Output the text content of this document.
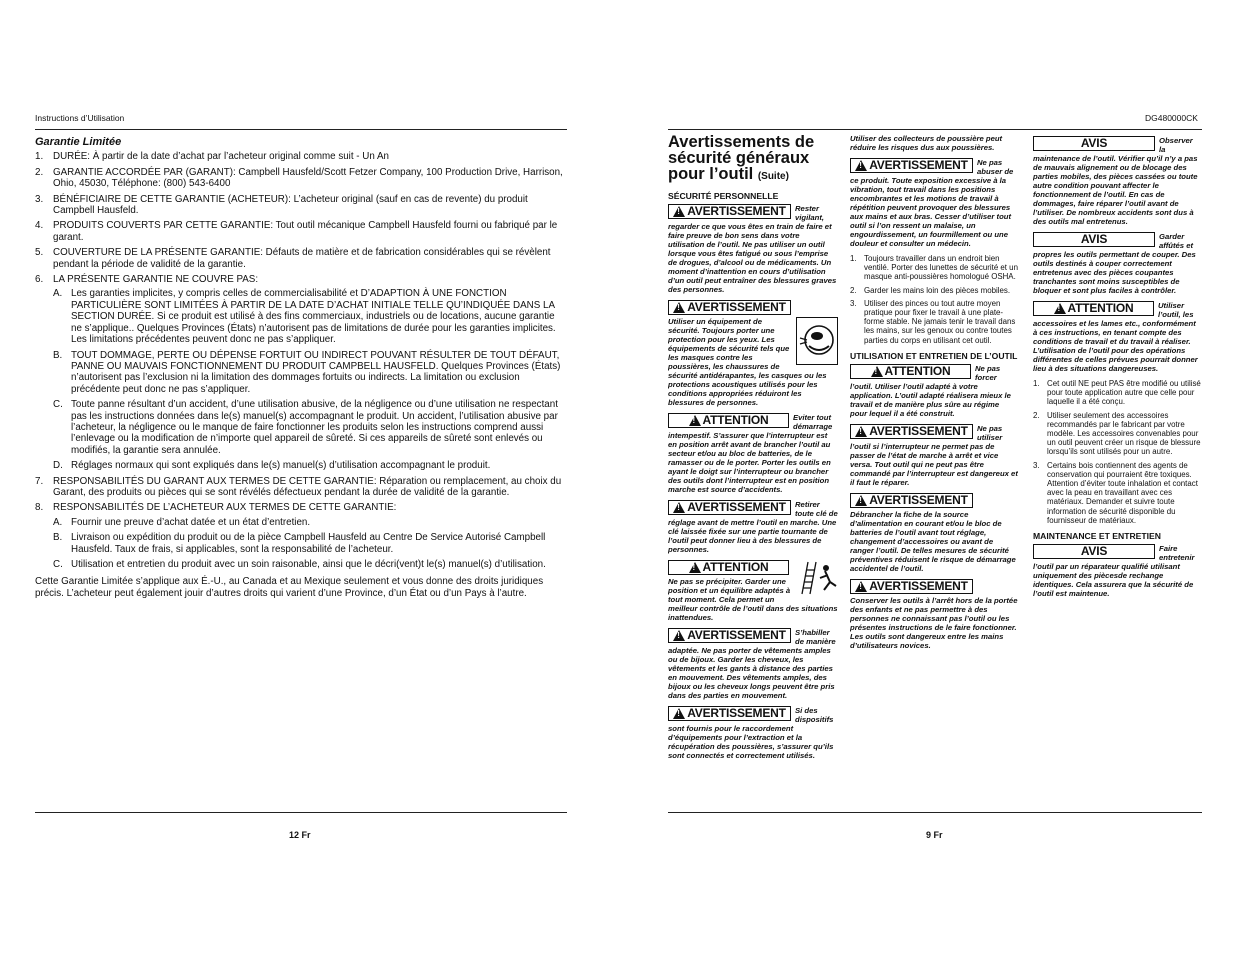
Instructions d’Utilisation	DG480000CK
Garantie Limitée
1. DURÉE: À partir de la date d’achat par l’acheteur original comme suit - Un An
2. GARANTIE ACCORDÉE PAR (GARANT): Campbell Hausfeld/Scott Fetzer Company, 100 Production Drive, Harrison, Ohio, 45030, Téléphone: (800) 543-6400
3. BÉNÉFICIAIRE DE CETTE GARANTIE (ACHETEUR): L’acheteur original (sauf en cas de revente) du produit Campbell Hausfeld.
4. PRODUITS COUVERTS PAR CETTE GARANTIE: Tout outil mécanique Campbell Hausfeld fourni ou fabriqué par le garant.
5. COUVERTURE DE LA PRÉSENTE GARANTIE: Défauts de matière et de fabrication considérables qui se révèlent pendant la période de validité de la garantie.
6. LA PRÉSENTE GARANTIE NE COUVRE PAS:
A. Les garanties implicites, y compris celles de commercialisabilité et D’ADAPTION À UNE FONCTION PARTICULIÈRE SONT LIMITÉES À PARTIR DE LA DATE D’ACHAT INITIALE TELLE QU’INDIQUÉE DANS LA SECTION DURÉE. Si ce produit est utilisé à des fins commerciaux, industriels ou de locations, aucune garantie ne s’applique.. Quelques Provinces (États) n’autorisent pas de limitations de durée pour les garanties implicites. Les limitations précédentes peuvent donc ne pas s’appliquer.
B. TOUT DOMMAGE, PERTE OU DÉPENSE FORTUIT OU INDIRECT POUVANT RÉSULTER DE TOUT DÉFAUT, PANNE OU MAUVAIS FONCTIONNEMENT DU PRODUIT CAMPBELL HAUSFELD. Quelques Provinces (États) n’autorisent pas l’exclusion ni la limitation des dommages fortuits ou indirects. La limitation ou exclusion précédente peut donc ne pas s’appliquer.
C. Toute panne résultant d’un accident, d’une utilisation abusive, de la négligence ou d’une utilisation ne respectant pas les instructions données dans le(s) manuel(s) accompagnant le produit. Un accident, l’utilisation abusive par l’acheteur, la négligence ou le manque de faire fonctionner les produits selon les instructions comprend aussi l’enlevage ou la modification de n’importe quel appareil de sûreté. Si ces appareils de sûreté sont enlevés ou modifiés, la garantie sera annulée.
D. Réglages normaux qui sont expliqués dans le(s) manuel(s) d’utilisation accompagnant le produit.
7. RESPONSABILITÉS DU GARANT AUX TERMES DE CETTE GARANTIE: Réparation ou remplacement, au choix du Garant, des produits ou pièces qui se sont révélés défectueux pendant la durée de validité de la garantie.
8. RESPONSABILITÉS DE L’ACHETEUR AUX TERMES DE CETTE GARANTIE:
A. Fournir une preuve d’achat datée et un état d’entretien.
B. Livraison ou expédition du produit ou de la pièce Campbell Hausfeld au Centre De Service Autorisé Campbell Hausfeld. Taux de frais, si applicables, sont la responsabilité de l’acheteur.
C. Utilisation et entretien du produit avec un soin raisonable, ainsi que le décri(vent)t le(s) manuel(s) d’utilisation.
Cette Garantie Limitée s’applique aux É.-U., au Canada et au Mexique seulement et vous donne des droits juridiques précis. L’acheteur peut également jouir d’autres droits qui varient d’une Province, d’un État ou d’un Pays à l’autre.
12 Fr
Avertissements de sécurité généraux pour l’outil (Suite)
SÉCURITÉ PERSONNELLE
!
AVERTISSEMENT Rester vigilant, regarder ce que vous êtes en train de faire et faire preuve de bon sens dans votre utilisation de l’outil. Ne pas utiliser un outil lorsque vous êtes fatigué ou sous l’emprise de drogues, d’alcool ou de médicaments. Un moment d’inattention en cours d’utilisation d’un outil peut entraîner des blessures graves des personnes.
!
AVERTISSEMENT
Utiliser un équipement de sécurité. Toujours porter une protection pour les yeux. Les équipements de sécurité tels que les masques contre les poussières, les chaussures de sécurité antidérapantes, les casques ou les protections acoustiques utilisés pour les conditions appropriées réduiront les blessures de personnes.
!
ATTENTION	Eviter tout démarrage intempestif. S’assurer que l’interrupteur est en position arrêt avant de brancher l’outil au secteur et/ou au bloc de batteries, de le ramasser ou de le porter. Porter les outils en ayant le doigt sur l’interrupteur ou brancher des outils dont l’interrupteur est en position marche est source d’accidents.
!
AVERTISSEMENT Retirer toute clé de réglage avant de mettre l’outil en marche. Une clé laissée fixée sur une partie tournante de l’outil peut donner lieu à des blessures de personnes.
!
ATTENTION
Ne pas se précipiter. Garder une position et un équilibre adaptés à tout moment. Cela permet un meilleur contrôle de l’outil dans des situations inattendues.
!
AVERTISSEMENT S’habiller de manière adaptée. Ne pas porter de vêtements amples ou de bijoux. Garder les cheveux, les vêtements et les gants à distance des parties en mouvement. Des vêtements amples, des bijoux ou les cheveux longs peuvent être pris dans des parties en mouvement.
!
AVERTISSEMENT Si des dispositifs sont fournis pour le raccordement d’équipements pour l’extraction et la récupération des poussières, s’assurer qu’ils sont connectés et correctement utilisés.
Utiliser des collecteurs de poussière peut réduire les risques dus aux poussières.
!
AVERTISSEMENT Ne pas abuser de ce produit. Toute exposition excessive à la vibration, tout travail dans les positions encombrantes et les motions de travail à répétition peuvent provoquer des blessures aux mains et aux bras. Cesser d’utiliser tout outil si l’on ressent un malaise, un engourdissement, un fourmillement ou une douleur et consulter un médecin.
1. Toujours travailler dans un endroit bien ventilé. Porter des lunettes de sécurité et un masque anti-poussières homologué OSHA.
2. Garder les mains loin des pièces mobiles.
3. Utiliser des pinces ou tout autre moyen pratique pour fixer le travail à une plate-forme stable. Ne jamais tenir le travail dans les mains, sur les genoux ou contre toutes parties du corps en utilisant cet outil.
UTILISATION ET ENTRETIEN DE L’OUTIL
!
ATTENTION	Ne pas forcer l’outil. Utiliser l’outil adapté à votre application. L’outil adapté réalisera mieux le travail et de manière plus sûre au régime pour lequel il a été construit.
!
AVERTISSEMENT Ne pas utiliser l’outil si l’interrupteur ne permet pas de passer de l’état de marche à arrêt et vice versa. Tout outil qui ne peut pas être commandé par l’interrupteur est dangereux et il faut le réparer.
!
AVERTISSEMENT
Débrancher la fiche de la source d’alimentation en courant et/ou le bloc de batteries de l’outil avant tout réglage, changement d’accessoires ou avant de ranger l’outil. De telles mesures de sécurité préventives réduisent le risque de démarrage accidentel de l’outil.
!
AVERTISSEMENT
Conserver les outils à l’arrêt hors de la portée des enfants et ne pas permettre à des personnes ne connaissant pas l’outil ou les présentes instructions de le faire fonctionner. Les outils sont dangereux entre les mains d’utilisateurs novices.
AVIS	Observer la maintenance de l’outil. Vérifier qu’il n’y a pas de mauvais alignement ou de blocage des parties mobiles, des pièces cassées ou toute autre condition pouvant affecter le fonctionnement de l’outil. En cas de dommages, faire réparer l’outil avant de l’utiliser. De nombreux accidents sont dus à des outils mal entretenus.
AVIS	Garder affûtés et propres les outils permettant de couper. Des outils destinés à couper correctement entretenus avec des pièces coupantes tranchantes sont moins susceptibles de bloquer et sont plus faciles à contrôler.
!
ATTENTION	Utiliser l’outil, les accessoires et les lames etc., conformément à ces instructions, en tenant compte des conditions de travail et du travail à réaliser. L’utilisation de l’outil pour des opérations différentes de celles prévues pourrait donner lieu à des situations dangereuses.
1. Cet outil NE peut PAS être modifié ou utilisé pour toute application autre que celle pour laquelle il a été conçu.
2. Utiliser seulement des accessoires recommandés par le fabricant par votre modèle. Les accessoires convenables pour un outil peuvent créer un risque de blessure lorsqu’ils sont utilisés pour un autre.
3. Certains bois contiennent des agents de conservation qui pourraient être toxiques. Attention d’éviter toute inhalation et contact avec la peau en travaillant avec ces matériaux. Demander et suivre toute information de sécurité disponible du fournisseur de matériaux.
MAINTENANCE ET ENTRETIEN
AVIS	Faire entretenir l’outil par un réparateur qualifié utilisant uniquement des piècesde rechange identiques. Cela assurera que la sécurité de l’outil est maintenue.
9 Fr
